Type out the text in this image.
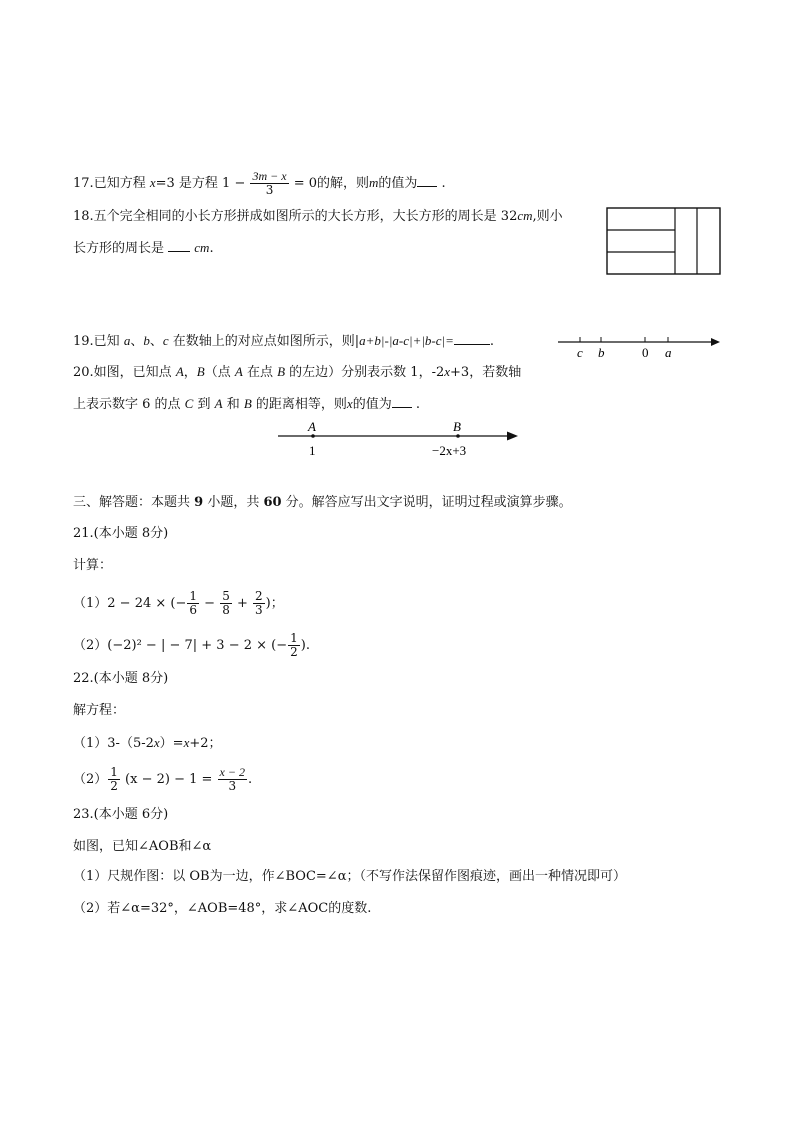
17.已知方程 x=3 是方程 $1 - \frac{3m - x}{3} = 0$的解，则m的值为 .
18.五个完全相同的小长方形拼成如图所示的大长方形，大长方形的周长是 32cm,则小
长方形的周长是  cm.
19.已知 a、b、c 在数轴上的对应点如图所示，则|a+b|-|a-c|+|b-c|=	.
c b	0 a
20.如图，已知点 A，B（点 A 在点 B 的左边）分别表示数 1，-2x+3，若数轴
上表示数字 6 的点 C 到 A 和 B 的距离相等，则x的值为 .
A	B
1	−2x+3
三、解答题：本题共 9 小题，共 60 分。解答应写出文字说明，证明过程或演算步骤。
21.(本小题 8分)
计算：
（1）2 − 24 × (− $\frac{1}{6} - \frac{5}{8} + \frac{2}{3}$ )；
（2）(−2)² − | − 7| + 3 − 2 × (− $\frac{1}{2}$ ).
22.(本小题 8分)
解方程：
（1）3-（5-2x）=x+2；
$(2) \frac{1}{2} (x - 2) - 1 = \frac{x - 2}{3}$ .
23.(本小题 6分)
如图，已知∠AOB和∠α
（1）尺规作图：以 OB为一边，作∠BOC=∠α；（不写作法保留作图痕迹，画出一种情况即可）
（2）若∠α=32°，∠AOB=48°，求∠AOC的度数.
